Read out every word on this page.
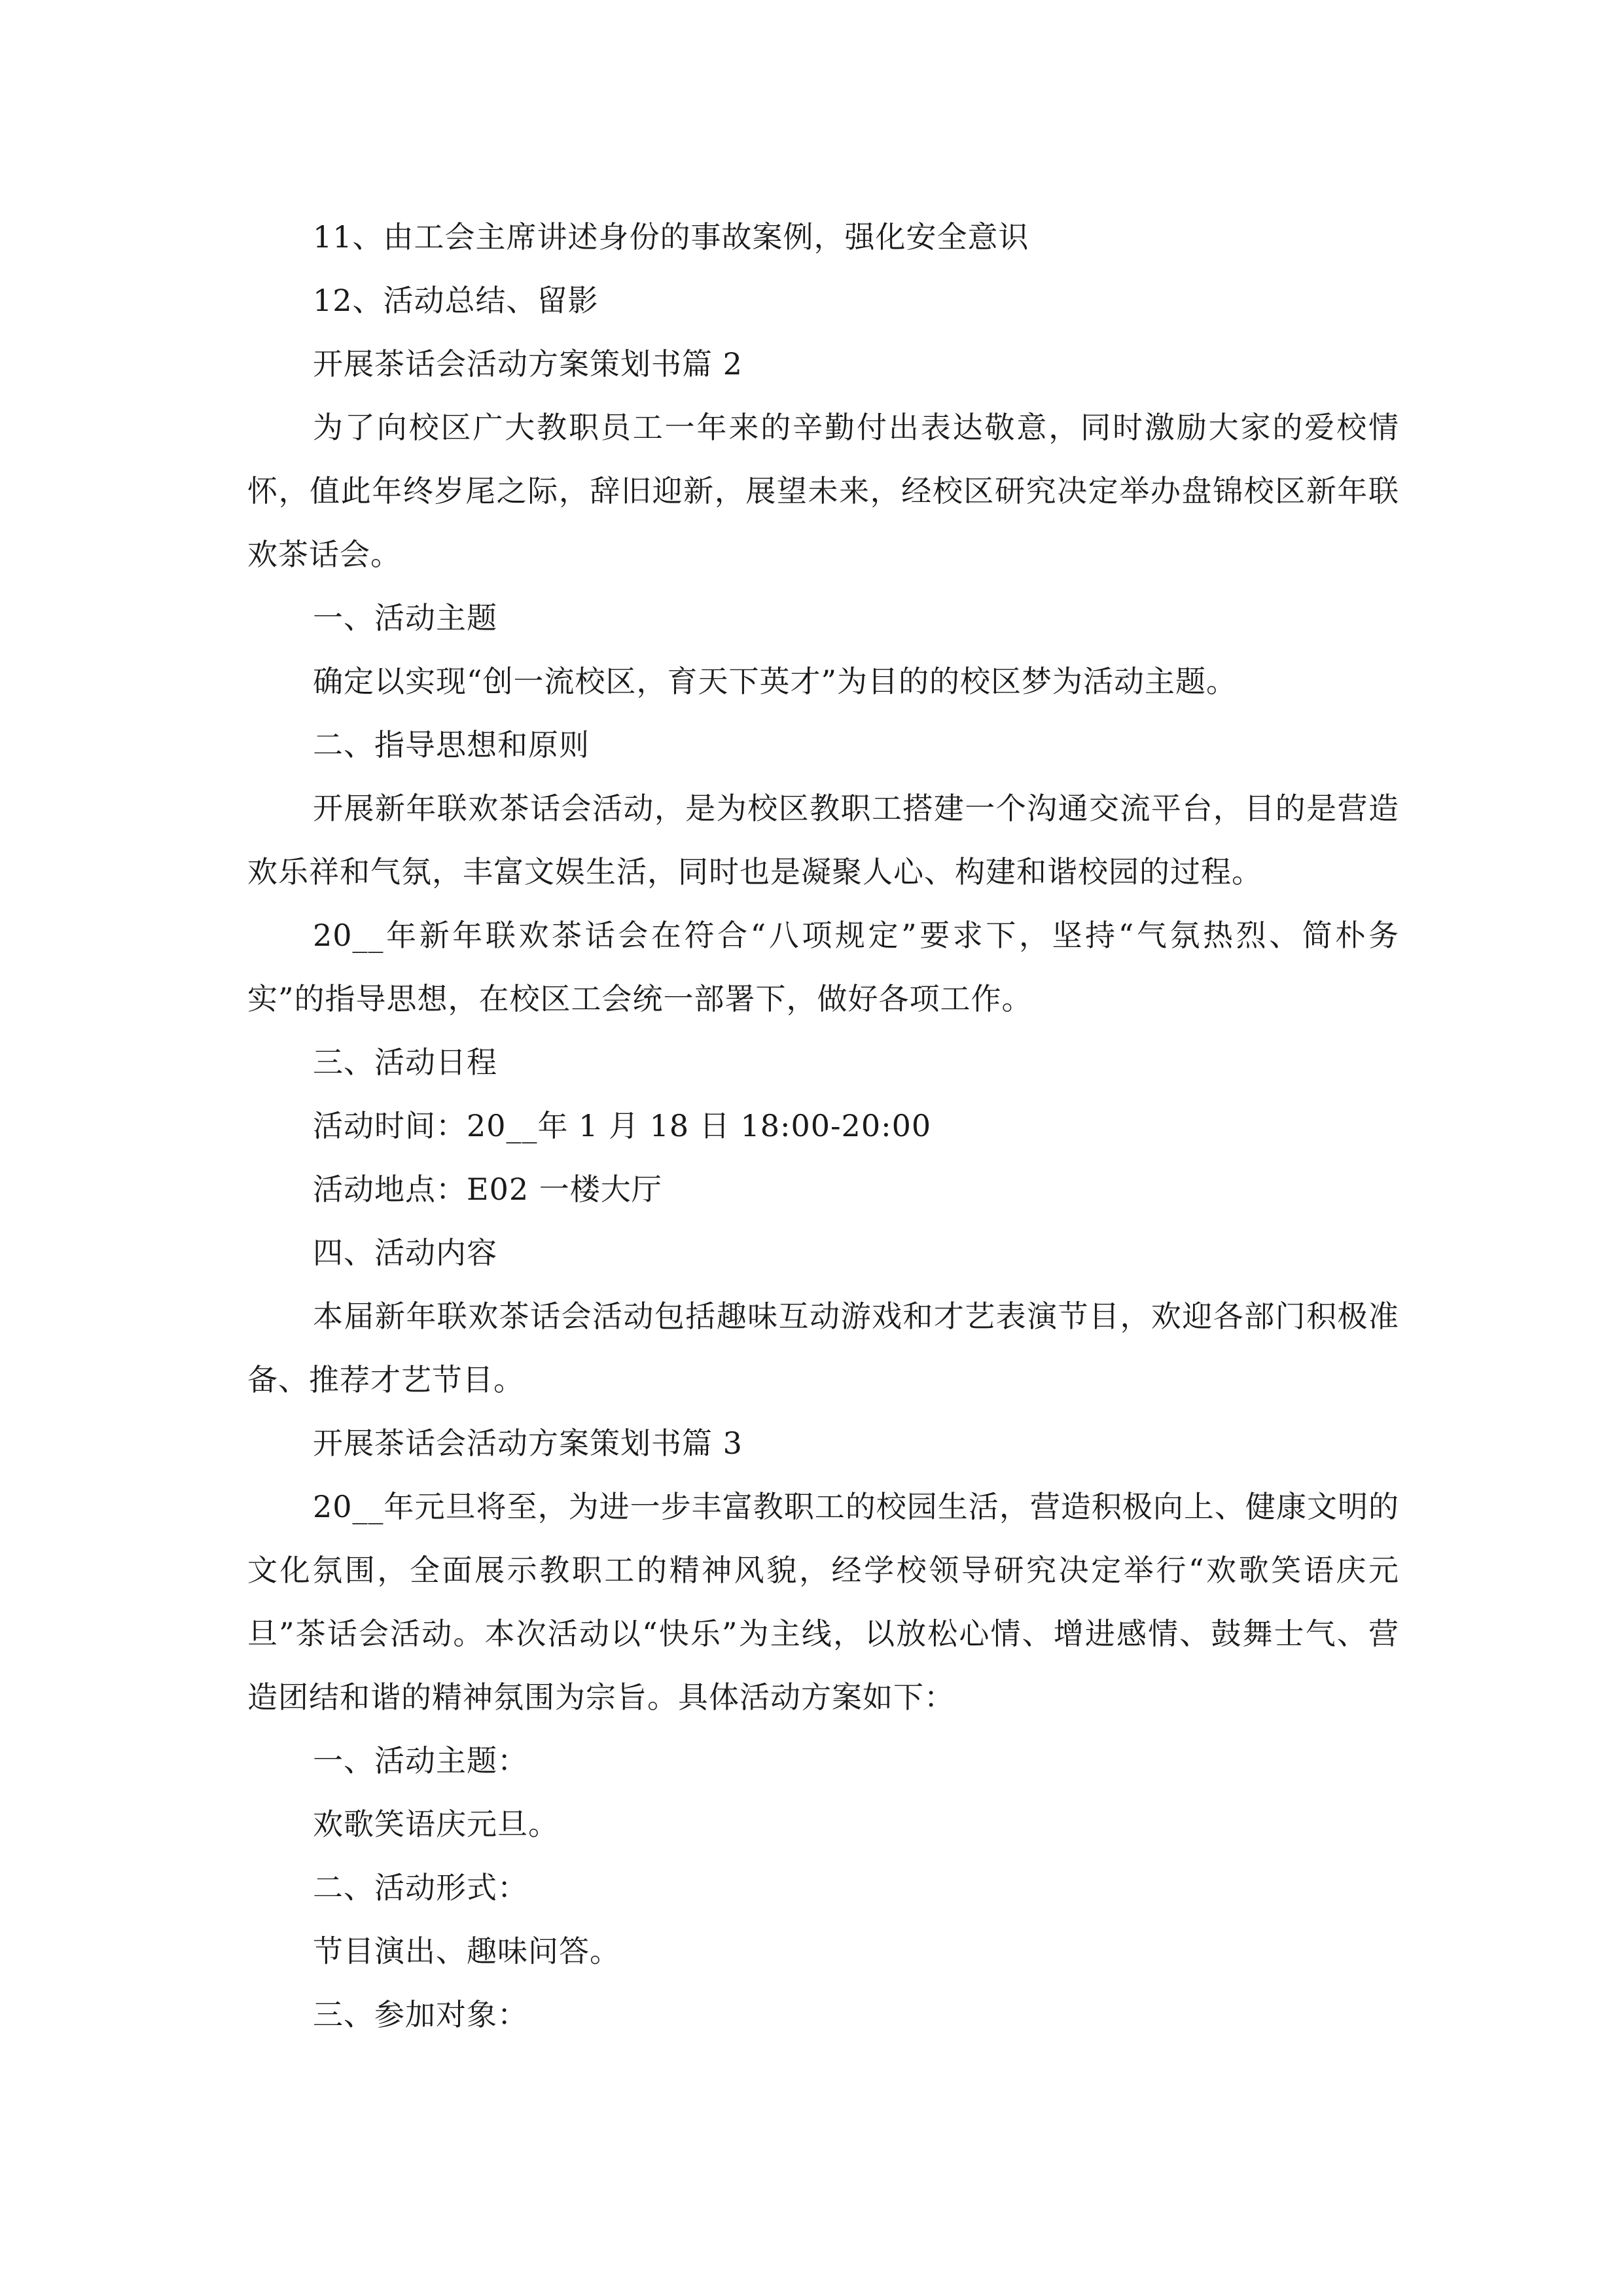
11、由工会主席讲述身份的事故案例，强化安全意识

12、活动总结、留影

开展茶话会活动方案策划书篇 2

为了向校区广大教职员工一年来的辛勤付出表达敬意，同时激励大家的爱校情怀，值此年终岁尾之际，辞旧迎新，展望未来，经校区研究决定举办盘锦校区新年联欢茶话会。

一、活动主题

确定以实现“创一流校区，育天下英才”为目的的校区梦为活动主题。

二、指导思想和原则

开展新年联欢茶话会活动，是为校区教职工搭建一个沟通交流平台，目的是营造欢乐祥和气氛，丰富文娱生活，同时也是凝聚人心、构建和谐校园的过程。

20__年新年联欢茶话会在符合“八项规定”要求下，坚持“气氛热烈、简朴务实”的指导思想，在校区工会统一部署下，做好各项工作。

三、活动日程

活动时间：20__年 1 月 18 日 18:00-20:00

活动地点：E02 一楼大厅

四、活动内容

本届新年联欢茶话会活动包括趣味互动游戏和才艺表演节目，欢迎各部门积极准备、推荐才艺节目。

开展茶话会活动方案策划书篇 3

20__年元旦将至，为进一步丰富教职工的校园生活，营造积极向上、健康文明的文化氛围，全面展示教职工的精神风貌，经学校领导研究决定举行“欢歌笑语庆元旦”茶话会活动。本次活动以“快乐”为主线，以放松心情、增进感情、鼓舞士气、营造团结和谐的精神氛围为宗旨。具体活动方案如下：

一、活动主题：

欢歌笑语庆元旦。

二、活动形式：

节目演出、趣味问答。

三、参加对象：
